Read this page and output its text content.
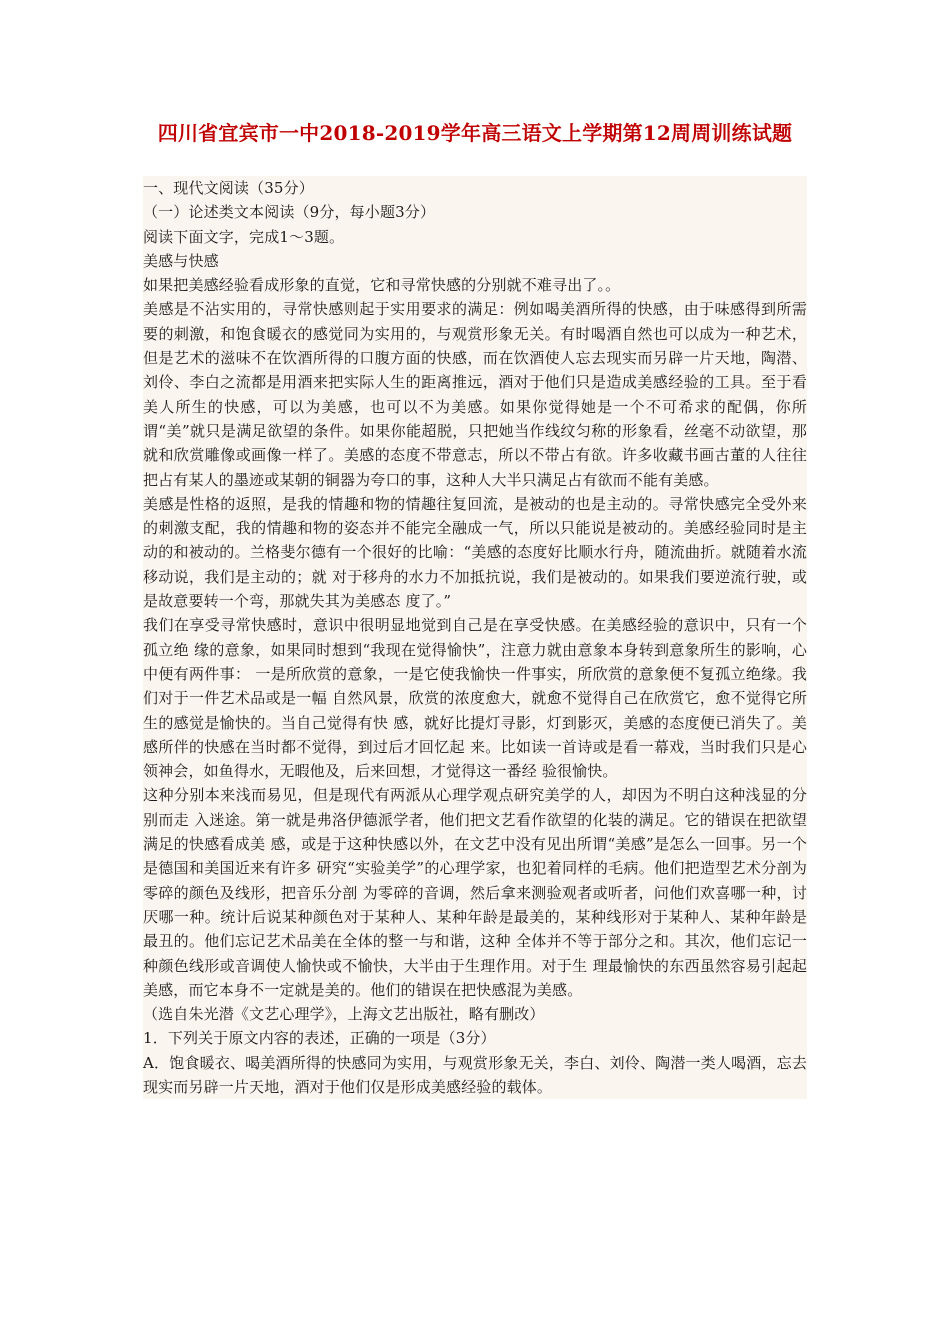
四川省宜宾市一中2018-2019学年高三语文上学期第12周周训练试题

一、现代文阅读（35分）

（一）论述类文本阅读（9分，每小题3分）

阅读下面文字，完成1～3题。

美感与快感

如果把美感经验看成形象的直觉，它和寻常快感的分别就不难寻出了。。

美感是不沾实用的，寻常快感则起于实用要求的满足：例如喝美酒所得的快感，由于味感得到所需要的刺激，和饱食暖衣的感觉同为实用的，与观赏形象无关。有时喝酒自然也可以成为一种艺术，但是艺术的滋味不在饮酒所得的口腹方面的快感，而在饮酒使人忘去现实而另辟一片天地，陶潜、刘伶、李白之流都是用酒来把实际人生的距离推远，酒对于他们只是造成美感经验的工具。至于看美人所生的快感，可以为美感，也可以不为美感。如果你觉得她是一个不可希求的配偶，你所谓“美”就只是满足欲望的条件。如果你能超脱，只把她当作线纹匀称的形象看，丝毫不动欲望，那就和欣赏雕像或画像一样了。美感的态度不带意志，所以不带占有欲。许多收藏书画古董的人往往把占有某人的墨迹或某朝的铜器为夸口的事，这种人大半只满足占有欲而不能有美感。

美感是性格的返照，是我的情趣和物的情趣往复回流，是被动的也是主动的。寻常快感完全受外来的刺激支配，我的情趣和物的姿态并不能完全融成一气，所以只能说是被动的。美感经验同时是主动的和被动的。兰格斐尔德有一个很好的比喻：“美感的态度好比顺水行舟，随流曲折。就随着水流移动说，我们是主动的；就 对于移舟的水力不加抵抗说，我们是被动的。如果我们要逆流行驶，或是故意要转一个弯，那就失其为美感态 度了。”

我们在享受寻常快感时，意识中很明显地觉到自己是在享受快感。在美感经验的意识中，只有一个孤立绝 缘的意象，如果同时想到“我现在觉得愉快”，注意力就由意象本身转到意象所生的影响，心中便有两件事： 一是所欣赏的意象，一是它使我愉快一件事实，所欣赏的意象便不复孤立绝缘。我们对于一件艺术品或是一幅 自然风景，欣赏的浓度愈大，就愈不觉得自己在欣赏它，愈不觉得它所生的感觉是愉快的。当自己觉得有快 感，就好比提灯寻影，灯到影灭，美感的态度便已消失了。美感所伴的快感在当时都不觉得，到过后才回忆起 来。比如读一首诗或是看一幕戏，当时我们只是心领神会，如鱼得水，无暇他及，后来回想，才觉得这一番经 验很愉快。

这种分别本来浅而易见，但是现代有两派从心理学观点研究美学的人，却因为不明白这种浅显的分别而走 入迷途。第一就是弗洛伊德派学者，他们把文艺看作欲望的化装的满足。它的错误在把欲望满足的快感看成美 感，或是于这种快感以外，在文艺中没有见出所谓“美感”是怎么一回事。另一个是德国和美国近来有许多 研究“实验美学”的心理学家，也犯着同样的毛病。他们把造型艺术分剖为零碎的颜色及线形，把音乐分剖 为零碎的音调，然后拿来测验观者或听者，问他们欢喜哪一种，讨厌哪一种。统计后说某种颜色对于某种人、某种年龄是最美的，某种线形对于某种人、某种年龄是最丑的。他们忘记艺术品美在全体的整一与和谐，这种 全体并不等于部分之和。其次，他们忘记一种颜色线形或音调使人愉快或不愉快，大半由于生理作用。对于生 理最愉快的东西虽然容易引起起美感，而它本身不一定就是美的。他们的错误在把快感混为美感。

（选自朱光潜《文艺心理学》，上海文艺出版社，略有删改）

1．下列关于原文内容的表述，正确的一项是（3分）

A．饱食暖衣、喝美酒所得的快感同为实用，与观赏形象无关，李白、刘伶、陶潜一类人喝酒，忘去现实而另辟一片天地，酒对于他们仅是形成美感经验的载体。
